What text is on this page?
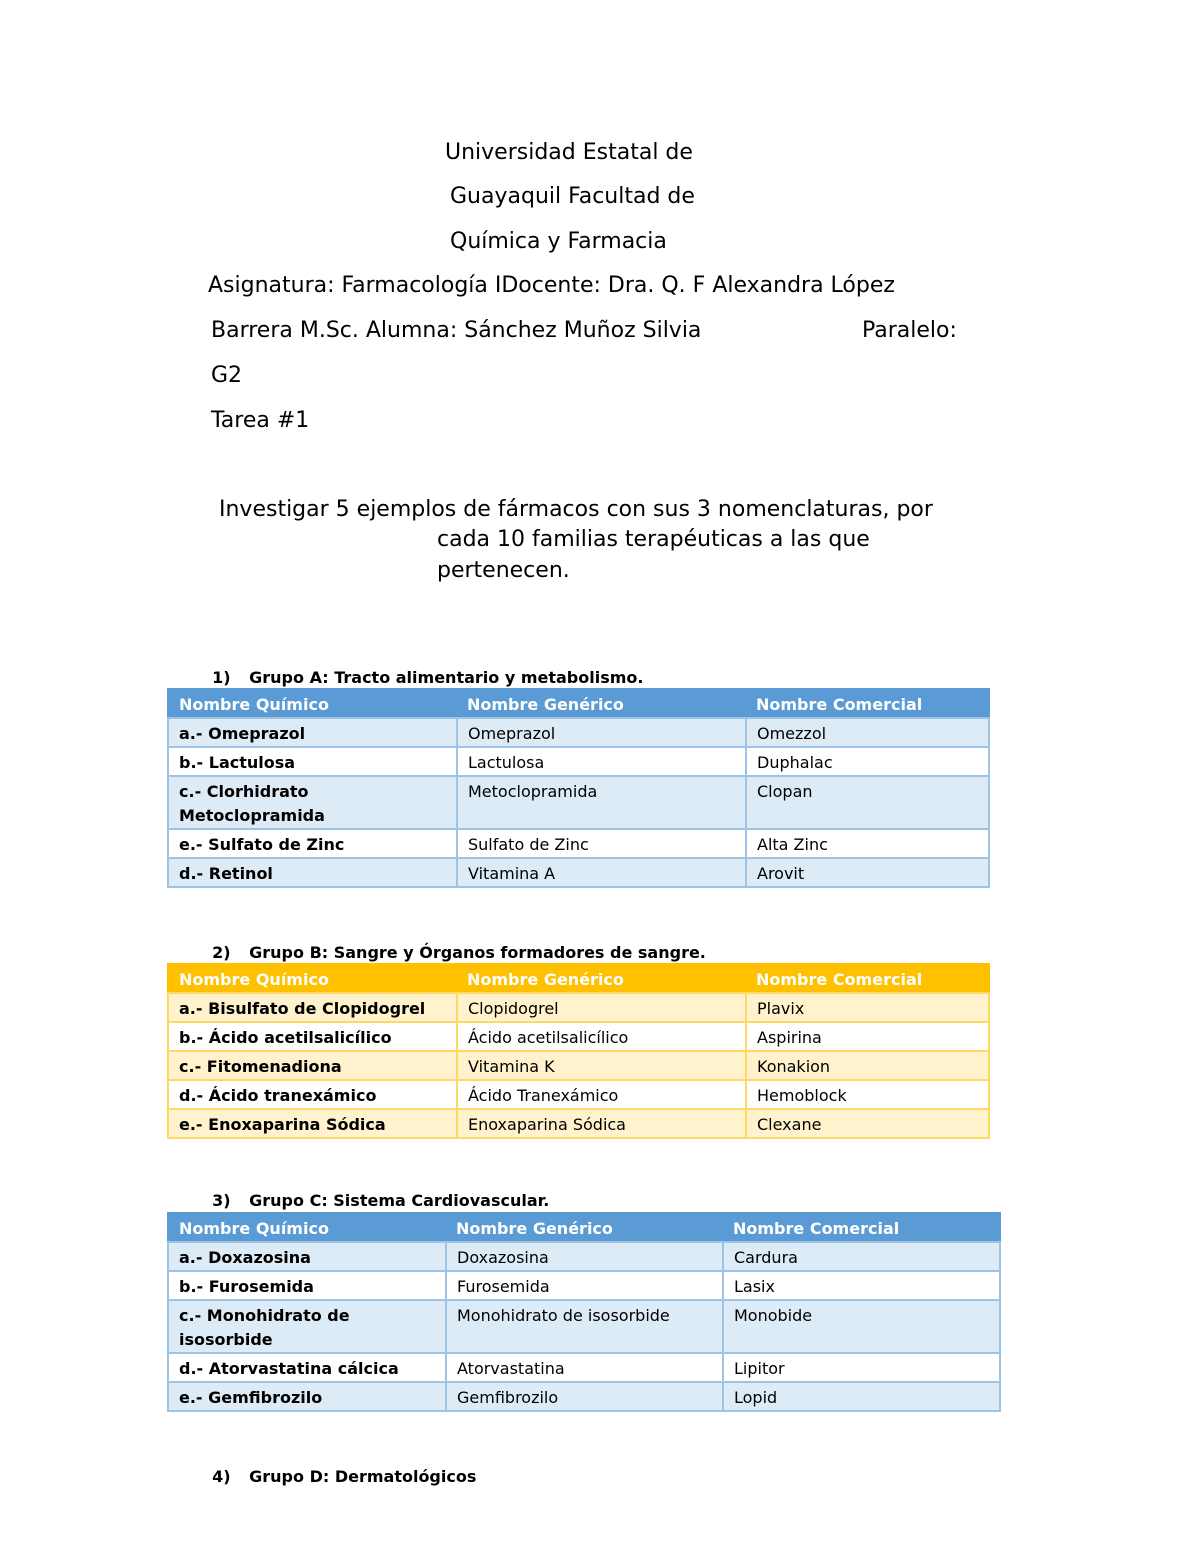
Universidad Estatal de
Guayaquil Facultad de
Química y Farmacia
Asignatura: Farmacología IDocente: Dra. Q. F Alexandra López
Barrera M.Sc. Alumna: Sánchez Muñoz Silvia	Paralelo:
G2
Tarea #1
Investigar 5 ejemplos de fármacos con sus 3 nomenclaturas, por
cada 10 familias terapéuticas a las que
pertenecen.

1) Grupo A: Tracto alimentario y metabolismo.

Nombre Químico	Nombre Genérico	Nombre Comercial
a.- Omeprazol	Omeprazol	Omezzol
b.- Lactulosa	Lactulosa	Duphalac
c.- Clorhidrato Metoclopramida	Metoclopramida	Clopan
e.- Sulfato de Zinc	Sulfato de Zinc	Alta Zinc
d.- Retinol	Vitamina A	Arovit

2) Grupo B: Sangre y Órganos formadores de sangre.

Nombre Químico	Nombre Genérico	Nombre Comercial
a.- Bisulfato de Clopidogrel	Clopidogrel	Plavix
b.- Ácido acetilsalicílico	Ácido acetilsalicílico	Aspirina
c.- Fitomenadiona	Vitamina K	Konakion
d.- Ácido tranexámico	Ácido Tranexámico	Hemoblock
e.- Enoxaparina Sódica	Enoxaparina Sódica	Clexane

3) Grupo C: Sistema Cardiovascular.

Nombre Químico	Nombre Genérico	Nombre Comercial
a.- Doxazosina	Doxazosina	Cardura
b.- Furosemida	Furosemida	Lasix
c.- Monohidrato de isosorbide	Monohidrato de isosorbide	Monobide
d.- Atorvastatina cálcica	Atorvastatina	Lipitor
e.- Gemfibrozilo	Gemfibrozilo	Lopid

4) Grupo D: Dermatológicos
